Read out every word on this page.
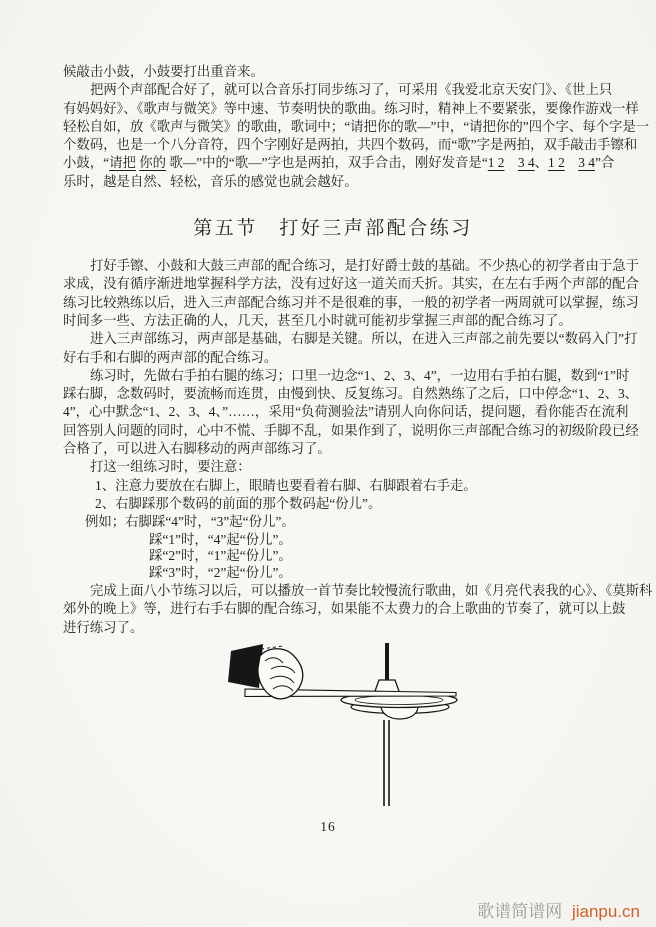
候敲击小鼓，小鼓要打出重音来。
把两个声部配合好了，就可以合音乐打同步练习了，可采用《我爱北京天安门》、《世上只
有妈妈好》、《歌声与微笑》等中速、节奏明快的歌曲。练习时，精神上不要紧张，要像作游戏一样
轻松自如，放《歌声与微笑》的歌曲，歌词中；“请把你的歌—”中，“请把你的”四个字、每个字是一
个数码，也是一个八分音符，四个字刚好是两拍，共四个数码，而“歌”字是两拍，双手敲击手镲和
小鼓，“请把 你的 歌—”中的“歌—”字也是两拍，双手合击，刚好发音是“1 2　 3 4、1 2　 3 4”合
乐时，越是自然、轻松，音乐的感觉也就会越好。
第五节　打好三声部配合练习
打好手镲、小鼓和大鼓三声部的配合练习，是打好爵士鼓的基础。不少热心的初学者由于急于
求成，没有循序渐进地掌握科学方法，没有过好这一道关而夭折。其实，在左右手两个声部的配合
练习比较熟练以后，进入三声部配合练习并不是很难的事，一般的初学者一两周就可以掌握，练习
时间多一些、方法正确的人，几天，甚至几小时就可能初步掌握三声部的配合练习了。
进入三声部练习，两声部是基础，右脚是关键。所以，在进入三声部之前先要以“数码入门”打
好右手和右脚的两声部的配合练习。
练习时，先做右手拍右腿的练习；口里一边念“1、2、3、4”，一边用右手拍右腿，数到“1”时
踩右脚，念数码时，要流畅而连贯，由慢到快、反复练习。自然熟练了之后，口中停念“1、2、3、
4”，心中默念“1、2、3、4、”……，采用“负荷测验法”请别人向你问话，提问题，看你能否在流利
回答别人问题的同时，心中不慌、手脚不乱，如果作到了，说明你三声部配合练习的初级阶段已经
合格了，可以进入右脚移动的两声部练习了。
打这一组练习时，要注意：
1、注意力要放在右脚上，眼睛也要看着右脚、右脚跟着右手走。
2、右脚踩那个数码的前面的那个数码起“份儿”。
例如；右脚踩“4”时，“3”起“份儿”。
踩“1”时，“4”起“份儿”。
踩“2”时，“1”起“份儿”。
踩“3”时，“2”起“份儿”。
完成上面八小节练习以后，可以播放一首节奏比较慢流行歌曲，如《月亮代表我的心》、《莫斯科
郊外的晚上》等，进行右手右脚的配合练习，如果能不太费力的合上歌曲的节奏了，就可以上鼓
进行练习了。
16
歌谱简谱网 jianpu.cn
